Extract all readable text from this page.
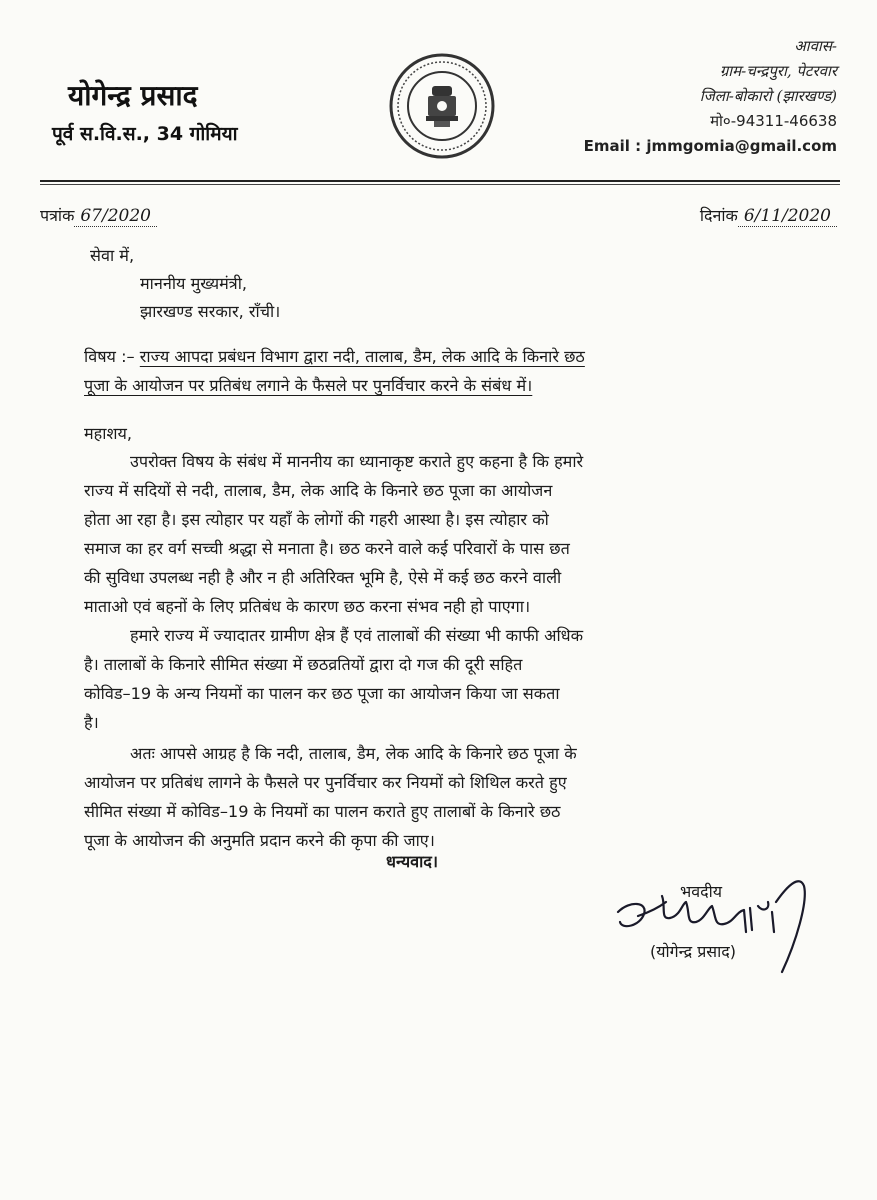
योगेन्द्र प्रसाद
पूर्व स.वि.स., 34 गोमिया
आवास-
ग्राम-चन्द्रपुरा, पेटरवार
जिला-बोकारो (झारखण्ड)
मो०-94311-46638
Email : jmmgomia@gmail.com
पत्रांक 67/2020	दिनांक 6/11/2020
सेवा में,
माननीय मुख्यमंत्री,
झारखण्ड सरकार, राँची।
विषय :– राज्य आपदा प्रबंधन विभाग द्वारा नदी, तालाब, डैम, लेक आदि के किनारे छठ
पूजा के आयोजन पर प्रतिबंध लगाने के फैसले पर पुनर्विचार करने के संबंध में।
महाशय,
उपरोक्त विषय के संबंध में माननीय का ध्यानाकृष्ट कराते हुए कहना है कि हमारे
राज्य में सदियों से नदी, तालाब, डैम, लेक आदि के किनारे छठ पूजा का आयोजन
होता आ रहा है। इस त्योहार पर यहाँ के लोगों की गहरी आस्था है। इस त्योहार को
समाज का हर वर्ग सच्ची श्रद्धा से मनाता है। छठ करने वाले कई परिवारों के पास छत
की सुविधा उपलब्ध नही है और न ही अतिरिक्त भूमि है, ऐसे में कई छठ करने वाली
माताओ एवं बहनों के लिए प्रतिबंध के कारण छठ करना संभव नही हो पाएगा।
हमारे राज्य में ज्यादातर ग्रामीण क्षेत्र हैं एवं तालाबों की संख्या भी काफी अधिक
है। तालाबों के किनारे सीमित संख्या में छठव्रतियों द्वारा दो गज की दूरी सहित
कोविड–19 के अन्य नियमों का पालन कर छठ पूजा का आयोजन किया जा सकता
है।
अतः आपसे आग्रह है कि नदी, तालाब, डैम, लेक आदि के किनारे छठ पूजा के
आयोजन पर प्रतिबंध लागने के फैसले पर पुनर्विचार कर नियमों को शिथिल करते हुए
सीमित संख्या में कोविड–19 के नियमों का पालन कराते हुए तालाबों के किनारे छठ
पूजा के आयोजन की अनुमति प्रदान करने की कृपा की जाए।
धन्यवाद।
भवदीय
(योगेन्द्र प्रसाद)
